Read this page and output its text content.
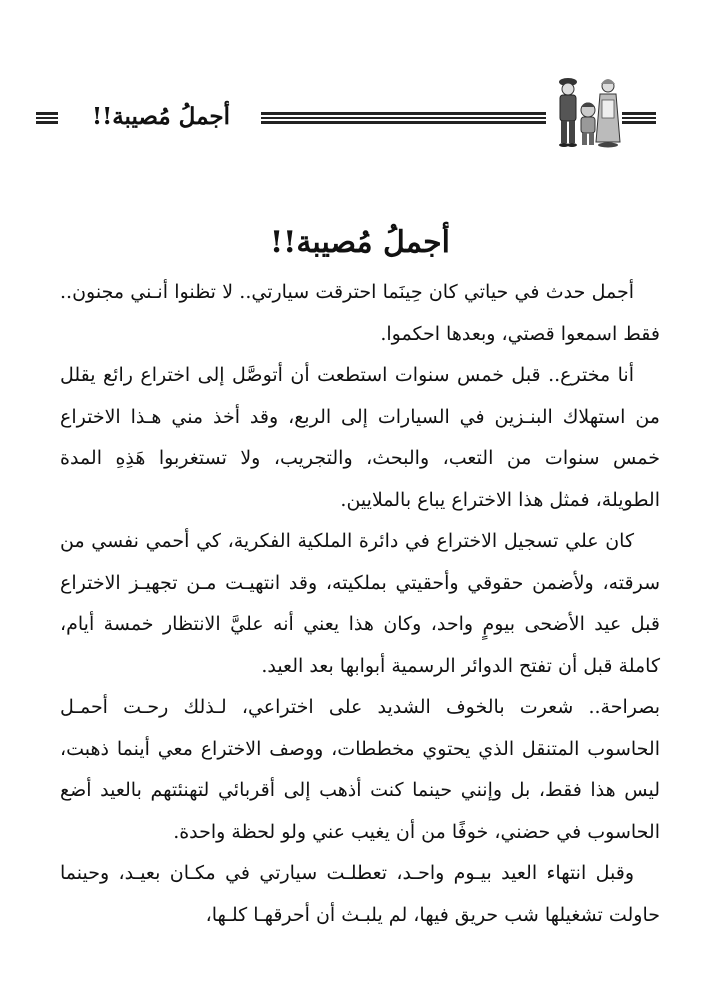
أجملُ مُصيبة!!
أجملُ مُصيبة!!

أجمل حدث في حياتي كان حِينَما احترقت سيارتي.. لا تظنوا أنـني مجنون.. فقط اسمعوا قصتي، وبعدها احكموا.

أنا مخترع.. قبل خمس سنوات استطعت أن أتوصَّل إلى اختراع رائع يقلل من استهلاك البنـزين في السيارات إلى الربع، وقد أخذ مني هـذا الاختراع خمس سنوات من التعب، والبحث، والتجريب، ولا تستغربوا هَذِهِ المدة الطويلة، فمثل هذا الاختراع يباع بالملايين.

كان علي تسجيل الاختراع في دائرة الملكية الفكرية، كي أحمي نفسي من سرقته، ولأضمن حقوقي وأحقيتي بملكيته، وقد انتهيـت مـن تجهيـز الاختراع قبل عيد الأضحى بيومٍ واحد، وكان هذا يعني أنه عليَّ الانتظار خمسة أيام، كاملة قبل أن تفتح الدوائر الرسمية أبوابها بعد العيد.

بصراحة.. شعرت بالخوف الشديد على اختراعي، لـذلك رحـت أحمـل الحاسوب المتنقل الذي يحتوي مخططات، ووصف الاختراع معي أينما ذهبت، ليس هذا فقط، بل وإنني حينما كنت أذهب إلى أقربائي لتهنئتهم بالعيد أضع الحاسوب في حضني، خوفًا من أن يغيب عني ولو لحظة واحدة.

وقبل انتهاء العيد بيـوم واحـد، تعطلـت سيارتي في مكـان بعيـد، وحينما حاولت تشغيلها شب حريق فيها، لم يلبـث أن أحرقهـا كلـها،
